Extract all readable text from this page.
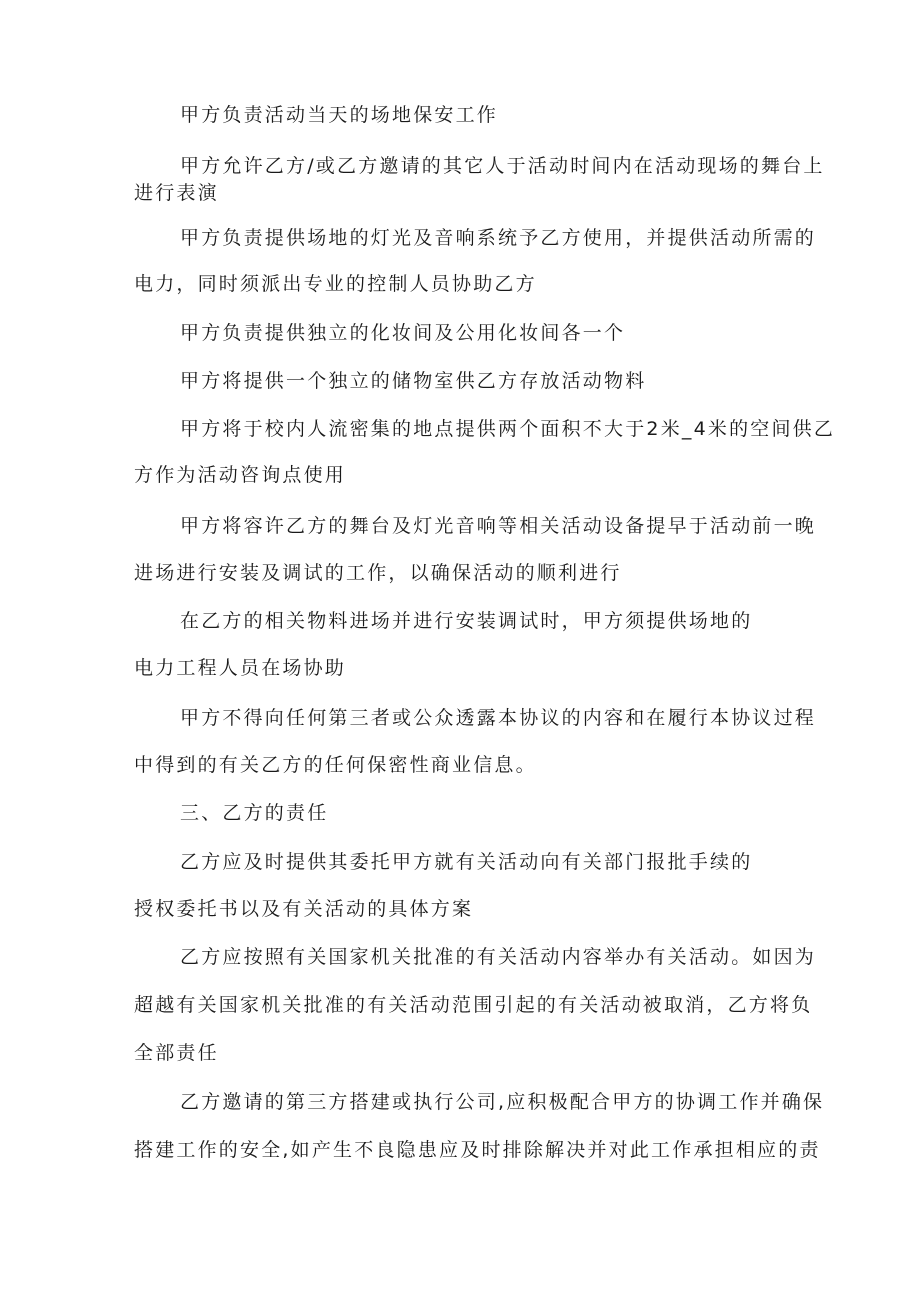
甲方负责活动当天的场地保安工作
甲方允许乙方/或乙方邀请的其它人于活动时间内在活动现场的舞台上
进行表演
甲方负责提供场地的灯光及音响系统予乙方使用，并提供活动所需的
电力，同时须派出专业的控制人员协助乙方
甲方负责提供独立的化妆间及公用化妆间各一个
甲方将提供一个独立的储物室供乙方存放活动物料
甲方将于校内人流密集的地点提供两个面积不大于2米_4米的空间供乙
方作为活动咨询点使用
甲方将容许乙方的舞台及灯光音响等相关活动设备提早于活动前一晚
进场进行安装及调试的工作，以确保活动的顺利进行
在乙方的相关物料进场并进行安装调试时，甲方须提供场地的
电力工程人员在场协助
甲方不得向任何第三者或公众透露本协议的内容和在履行本协议过程
中得到的有关乙方的任何保密性商业信息。
三、乙方的责任
乙方应及时提供其委托甲方就有关活动向有关部门报批手续的
授权委托书以及有关活动的具体方案
乙方应按照有关国家机关批准的有关活动内容举办有关活动。如因为
超越有关国家机关批准的有关活动范围引起的有关活动被取消，乙方将负
全部责任
乙方邀请的第三方搭建或执行公司,应积极配合甲方的协调工作并确保
搭建工作的安全,如产生不良隐患应及时排除解决并对此工作承担相应的责
